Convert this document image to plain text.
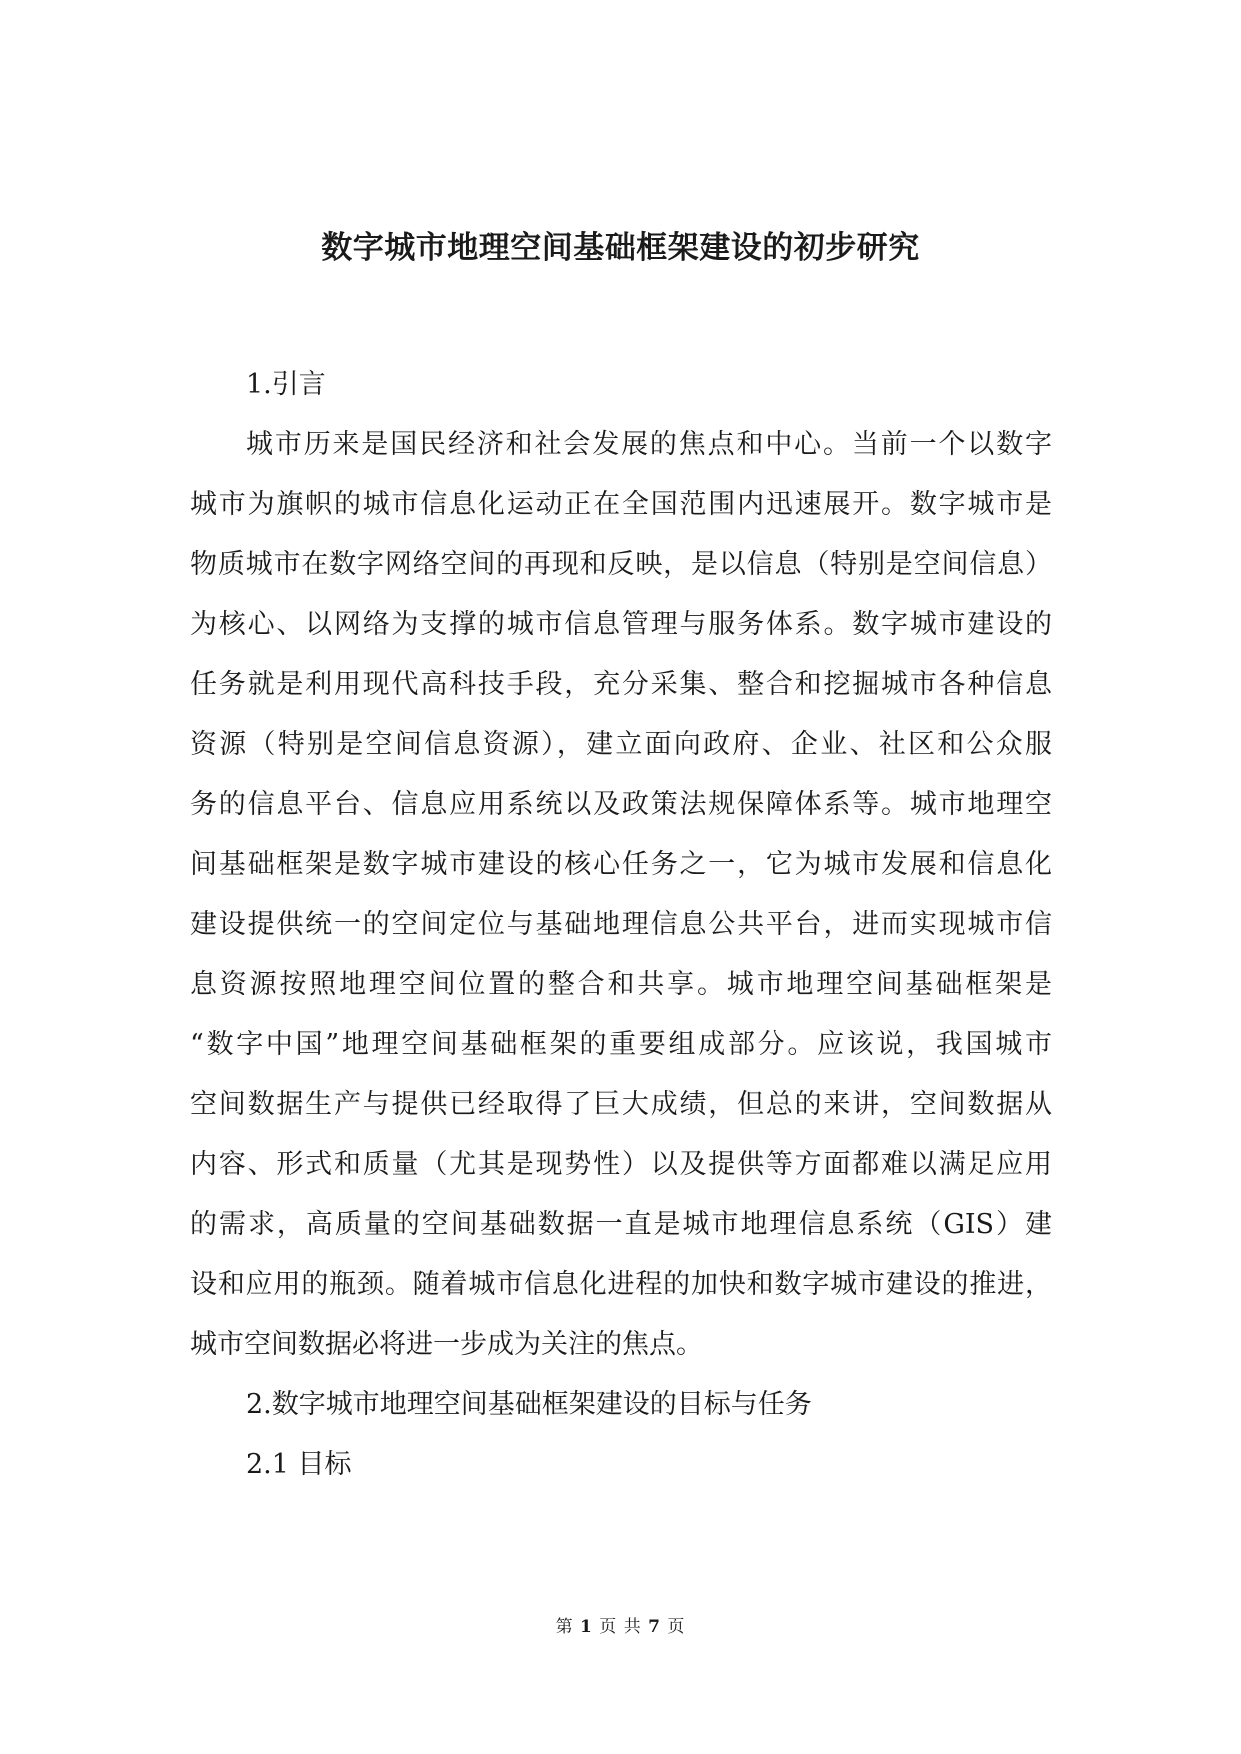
数字城市地理空间基础框架建设的初步研究

1.引言

城市历来是国民经济和社会发展的焦点和中心。当前一个以数字

城市为旗帜的城市信息化运动正在全国范围内迅速展开。数字城市是

物质城市在数字网络空间的再现和反映，是以信息（特别是空间信息）

为核心、以网络为支撑的城市信息管理与服务体系。数字城市建设的

任务就是利用现代高科技手段，充分采集、整合和挖掘城市各种信息

资源（特别是空间信息资源），建立面向政府、企业、社区和公众服

务的信息平台、信息应用系统以及政策法规保障体系等。城市地理空

间基础框架是数字城市建设的核心任务之一，它为城市发展和信息化

建设提供统一的空间定位与基础地理信息公共平台，进而实现城市信

息资源按照地理空间位置的整合和共享。城市地理空间基础框架是

“数字中国”地理空间基础框架的重要组成部分。应该说，我国城市

空间数据生产与提供已经取得了巨大成绩，但总的来讲，空间数据从

内容、形式和质量（尤其是现势性）以及提供等方面都难以满足应用

的需求，高质量的空间基础数据一直是城市地理信息系统（GIS）建

设和应用的瓶颈。随着城市信息化进程的加快和数字城市建设的推进，

城市空间数据必将进一步成为关注的焦点。

2.数字城市地理空间基础框架建设的目标与任务

2.1 目标

第 1 页 共 7 页
